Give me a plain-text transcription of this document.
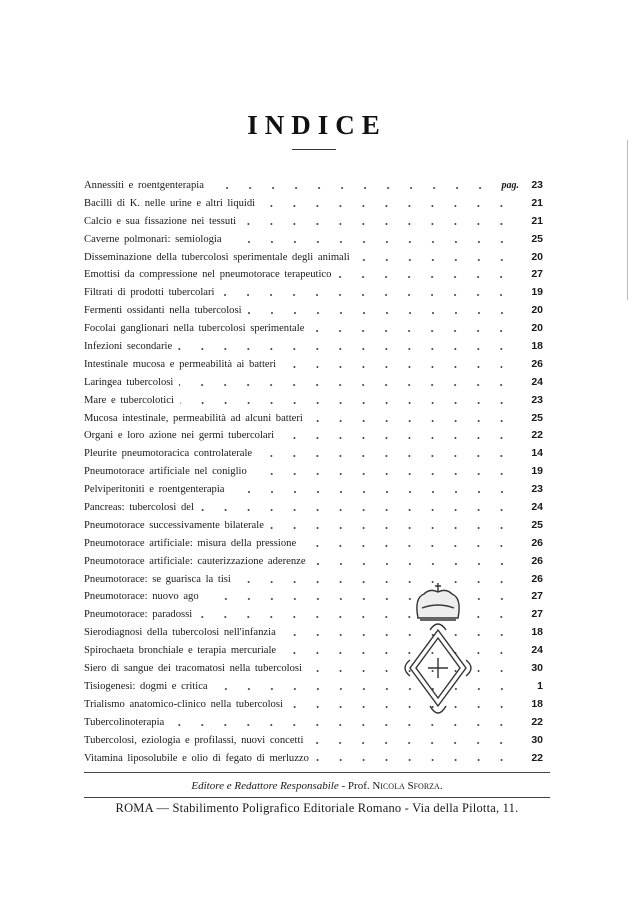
INDICE
Annessiti e roentgenterapia	pag.	23
Bacilli di K. nelle urine e altri liquidi	21
Calcio e sua fissazione nei tessuti	21
Caverne polmonari: semiologia	25
Disseminazione della tubercolosi sperimentale degli animali	20
Emottisi da compressione nel pneumotorace terapeutico	27
Filtrati di prodotti tubercolari	19
Fermenti ossidanti nella tubercolosi	20
Focolai ganglionari nella tubercolosi sperimentale	20
Infezioni secondarie	18
Intestinale mucosa e permeabilità ai batteri	26
Laringea tubercolosi	24
Mare e tubercolotici	23
Mucosa intestinale, permeabilità ad alcuni batteri	25
Organi e loro azione nei germi tubercolari	22
Pleurite pneumotoracica controlaterale	14
Pneumotorace artificiale nel coniglio	19
Pelviperitoniti e roentgenterapia	23
Pancreas: tubercolosi del	24
Pneumotorace successivamente bilaterale	25
Pneumotorace artificiale: misura della pressione	26
Pneumotorace artificiale: cauterizzazione aderenze	26
Pneumotorace: se guarisca la tisi	26
Pneumotorace: nuovo ago	27
Pneumotorace: paradossi	27
Sierodiagnosi della tubercolosi nell'infanzia	18
Spirochaeta bronchiale e terapia mercuriale	24
Siero di sangue dei tracomatosi nella tubercolosi	30
Tisiogenesi: dogmi e critica	1
Trialismo anatomico-clinico nella tubercolosi	18
Tubercolinoterapia	22
Tubercolosi, eziologia e profilassi, nuovi concetti	30
Vitamina liposolubile e olio di fegato di merluzzo	22
Editore e Redattore Responsabile - Prof. Nicola Sforza.
ROMA — Stabilimento Poligrafico Editoriale Romano - Via della Pilotta, 11.
